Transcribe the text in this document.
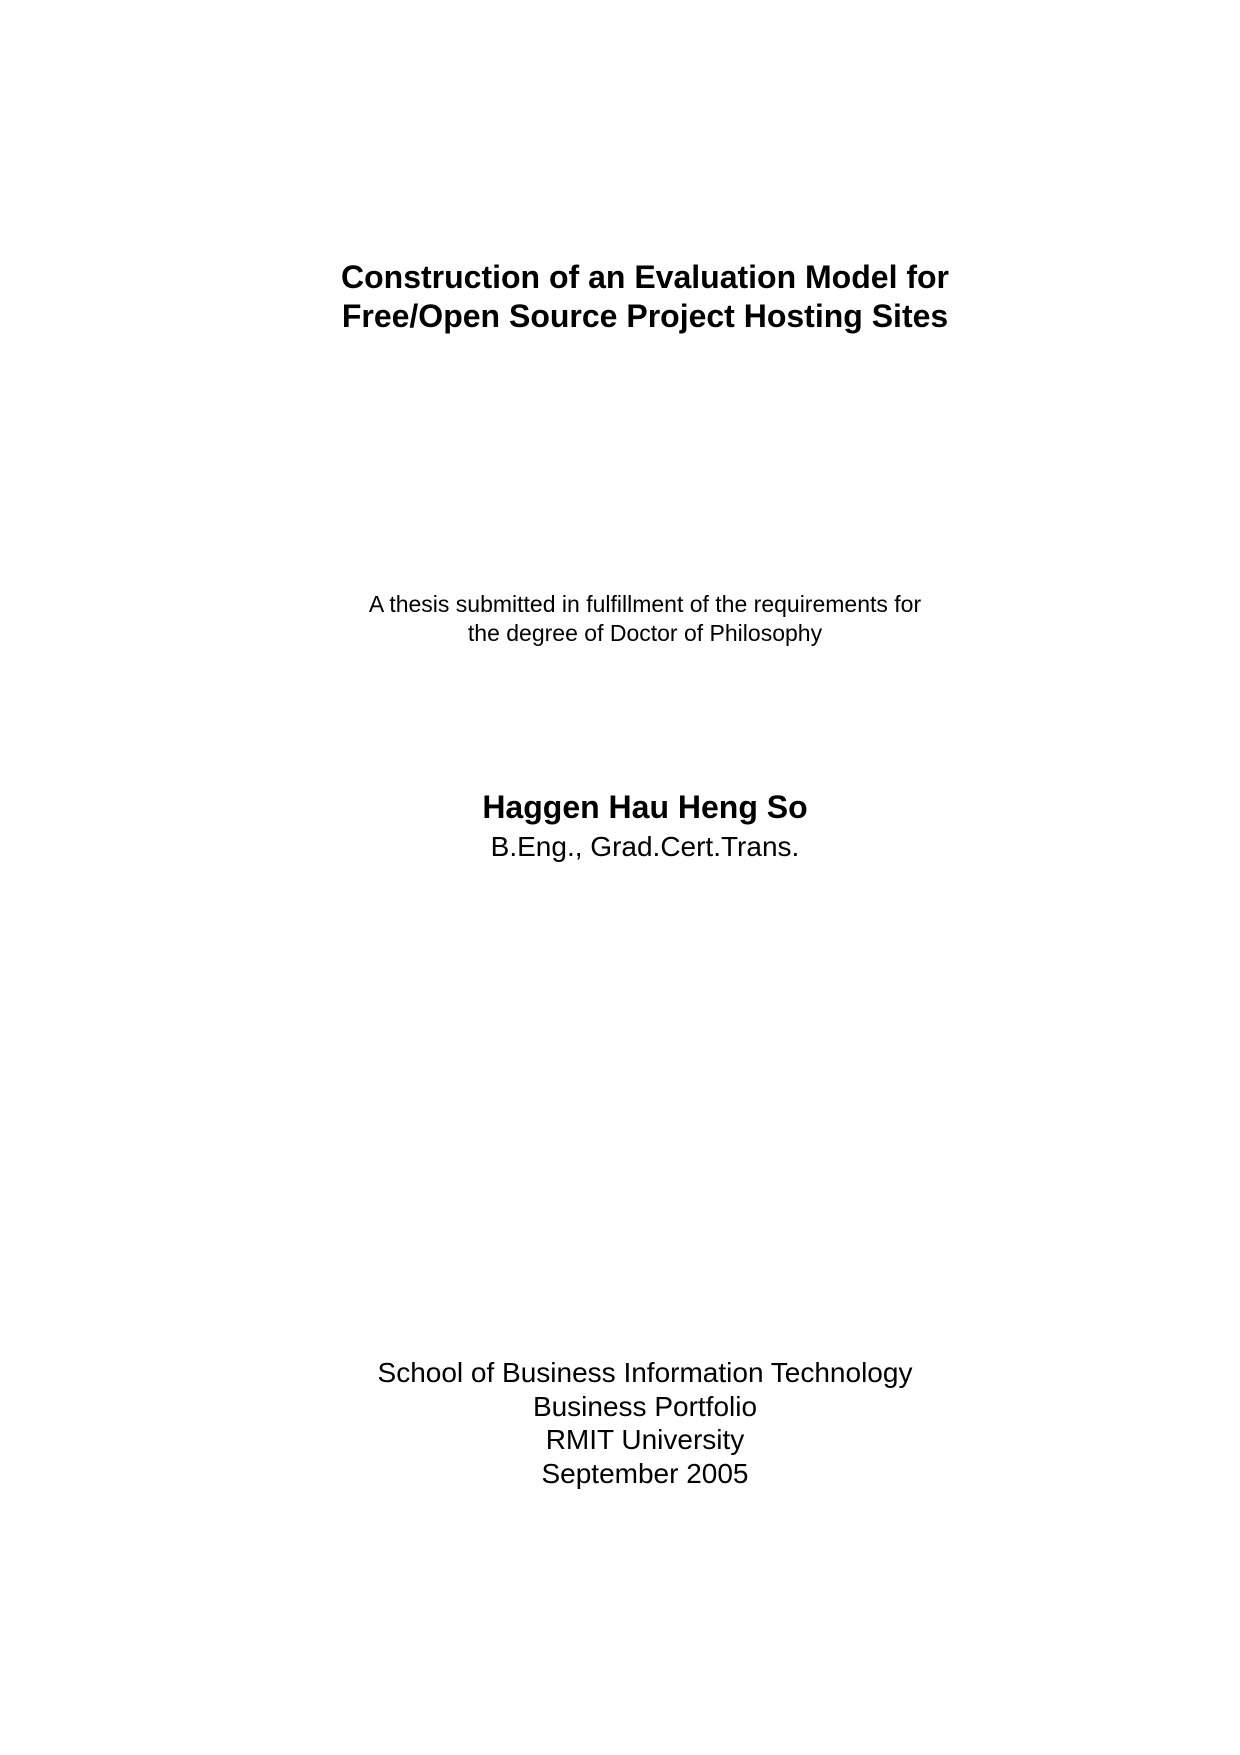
Construction of an Evaluation Model for
Free/Open Source Project Hosting Sites
A thesis submitted in fulfillment of the requirements for
the degree of Doctor of Philosophy
Haggen Hau Heng So
B.Eng., Grad.Cert.Trans.
School of Business Information Technology
Business Portfolio
RMIT University
September 2005
